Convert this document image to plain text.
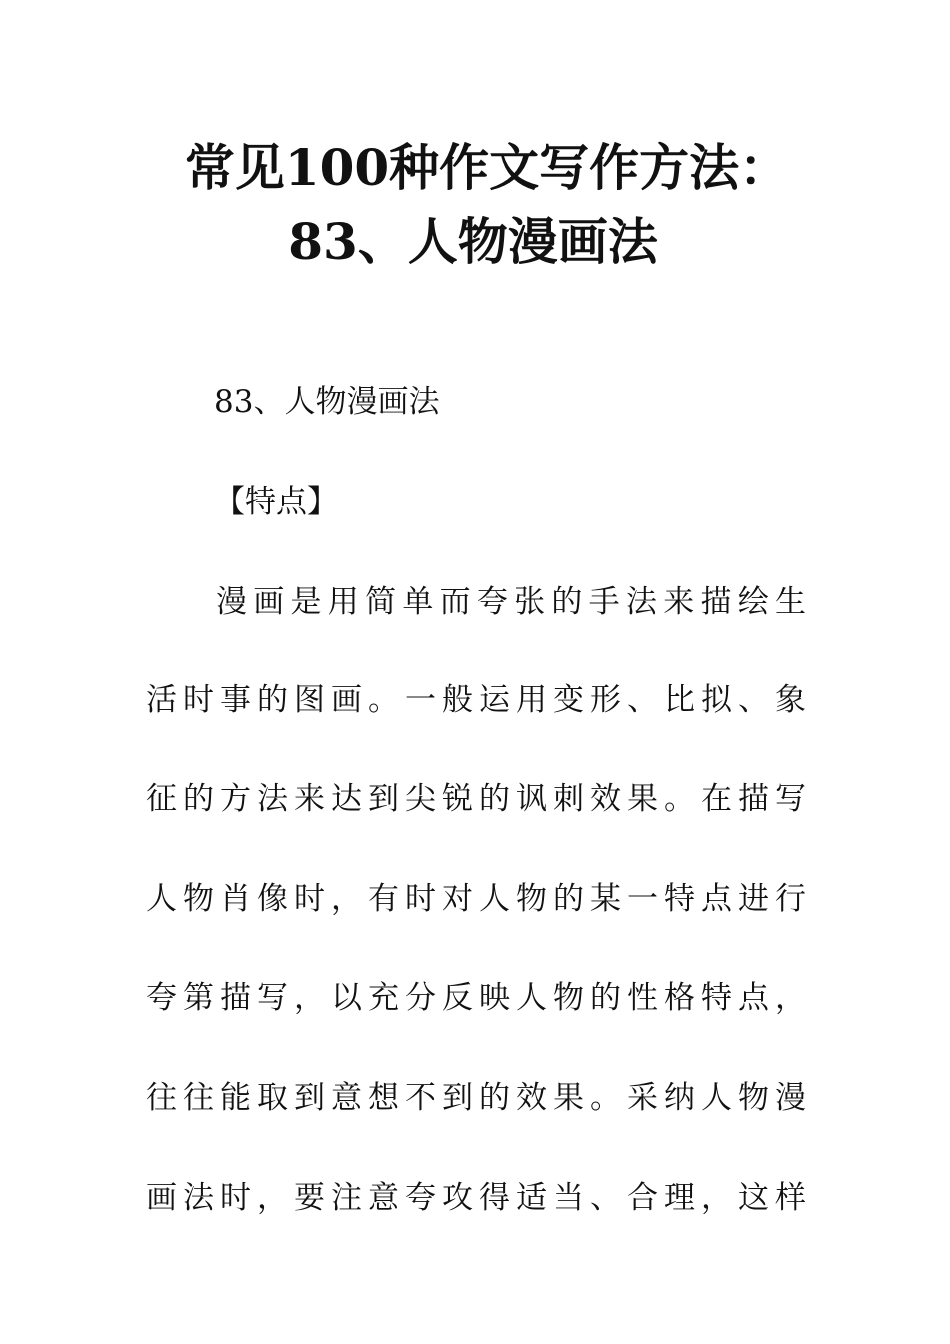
常见100种作文写作方法：
83、人物漫画法

83、人物漫画法

【特点】

漫画是用简单而夸张的手法来描绘生

活时事的图画。一般运用变形、比拟、象

征的方法来达到尖锐的讽刺效果。在描写

人物肖像时，有时对人物的某一特点进行

夸第描写，以充分反映人物的性格特点，

往往能取到意想不到的效果。采纳人物漫

画法时，要注意夸攻得适当、合理，这样
